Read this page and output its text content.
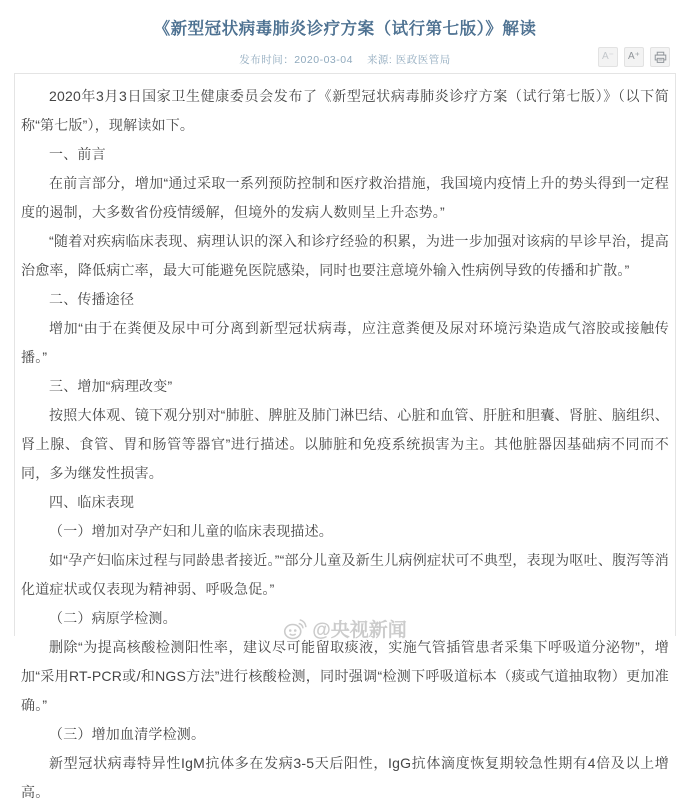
《新型冠状病毒肺炎诊疗方案（试行第七版）》解读
发布时间：2020-03-04 来源: 医政医管局	A⁻	A⁺

2020年3月3日国家卫生健康委员会发布了《新型冠状病毒肺炎诊疗方案（试行第七版）》（以下简称“第七版”），现解读如下。

一、前言

在前言部分，增加“通过采取一系列预防控制和医疗救治措施，我国境内疫情上升的势头得到一定程度的遏制，大多数省份疫情缓解，但境外的发病人数则呈上升态势。”

“随着对疾病临床表现、病理认识的深入和诊疗经验的积累，为进一步加强对该病的早诊早治，提高治愈率，降低病亡率，最大可能避免医院感染，同时也要注意境外输入性病例导致的传播和扩散。”

二、传播途径

增加“由于在粪便及尿中可分离到新型冠状病毒，应注意粪便及尿对环境污染造成气溶胶或接触传播。”

三、增加“病理改变”

按照大体观、镜下观分别对“肺脏、脾脏及肺门淋巴结、心脏和血管、肝脏和胆囊、肾脏、脑组织、肾上腺、食管、胃和肠管等器官”进行描述。以肺脏和免疫系统损害为主。其他脏器因基础病不同而不同，多为继发性损害。

四、临床表现

（一）增加对孕产妇和儿童的临床表现描述。

如“孕产妇临床过程与同龄患者接近。”“部分儿童及新生儿病例症状可不典型，表现为呕吐、腹泻等消化道症状或仅表现为精神弱、呼吸急促。”

（二）病原学检测。

删除“为提高核酸检测阳性率，建议尽可能留取痰液，实施气管插管患者采集下呼吸道分泌物”，增加“采用RT-PCR或/和NGS方法”进行核酸检测，同时强调“检测下呼吸道标本（痰或气道抽取物）更加准确。”

（三）增加血清学检测。

新型冠状病毒特异性IgM抗体多在发病3-5天后阳性，IgG抗体滴度恢复期较急性期有4倍及以上增高。

@央视新闻
